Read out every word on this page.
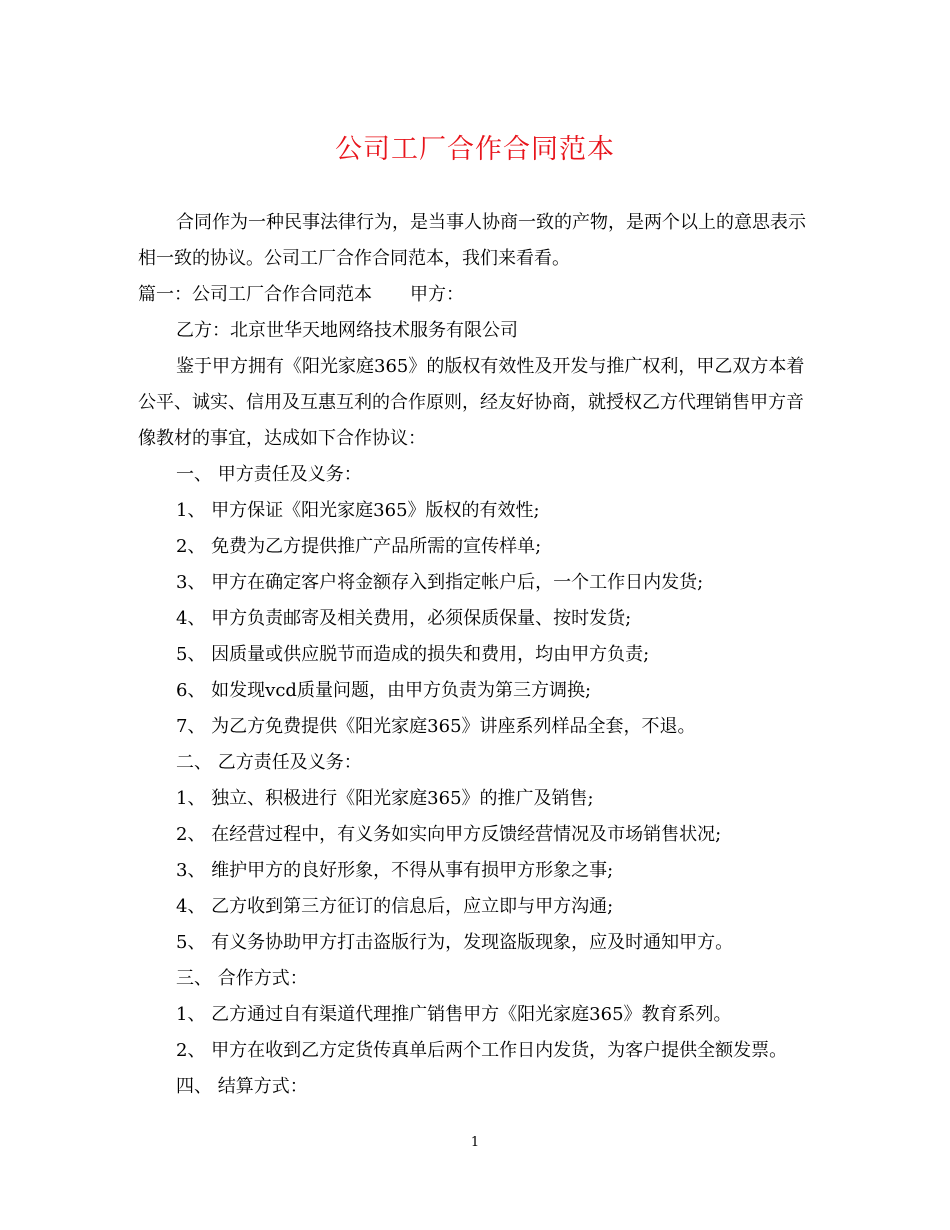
公司工厂合作合同范本

合同作为一种民事法律行为，是当事人协商一致的产物，是两个以上的意思表示相一致的协议。公司工厂合作合同范本，我们来看看。

篇一：公司工厂合作合同范本 甲方：

乙方：北京世华天地网络技术服务有限公司

鉴于甲方拥有《阳光家庭365》的版权有效性及开发与推广权利，甲乙双方本着公平、诚实、信用及互惠互利的合作原则，经友好协商，就授权乙方代理销售甲方音像教材的事宜，达成如下合作协议：

一、 甲方责任及义务：

1、 甲方保证《阳光家庭365》版权的有效性;

2、 免费为乙方提供推广产品所需的宣传样单;

3、 甲方在确定客户将金额存入到指定帐户后，一个工作日内发货;

4、 甲方负责邮寄及相关费用，必须保质保量、按时发货;

5、 因质量或供应脱节而造成的损失和费用，均由甲方负责;

6、 如发现vcd质量问题，由甲方负责为第三方调换;

7、 为乙方免费提供《阳光家庭365》讲座系列样品全套，不退。

二、 乙方责任及义务：

1、 独立、积极进行《阳光家庭365》的推广及销售;

2、 在经营过程中，有义务如实向甲方反馈经营情况及市场销售状况;

3、 维护甲方的良好形象，不得从事有损甲方形象之事;

4、 乙方收到第三方征订的信息后，应立即与甲方沟通;

5、 有义务协助甲方打击盗版行为，发现盗版现象，应及时通知甲方。

三、 合作方式：

1、 乙方通过自有渠道代理推广销售甲方《阳光家庭365》教育系列。

2、 甲方在收到乙方定货传真单后两个工作日内发货，为客户提供全额发票。

四、 结算方式：

1
